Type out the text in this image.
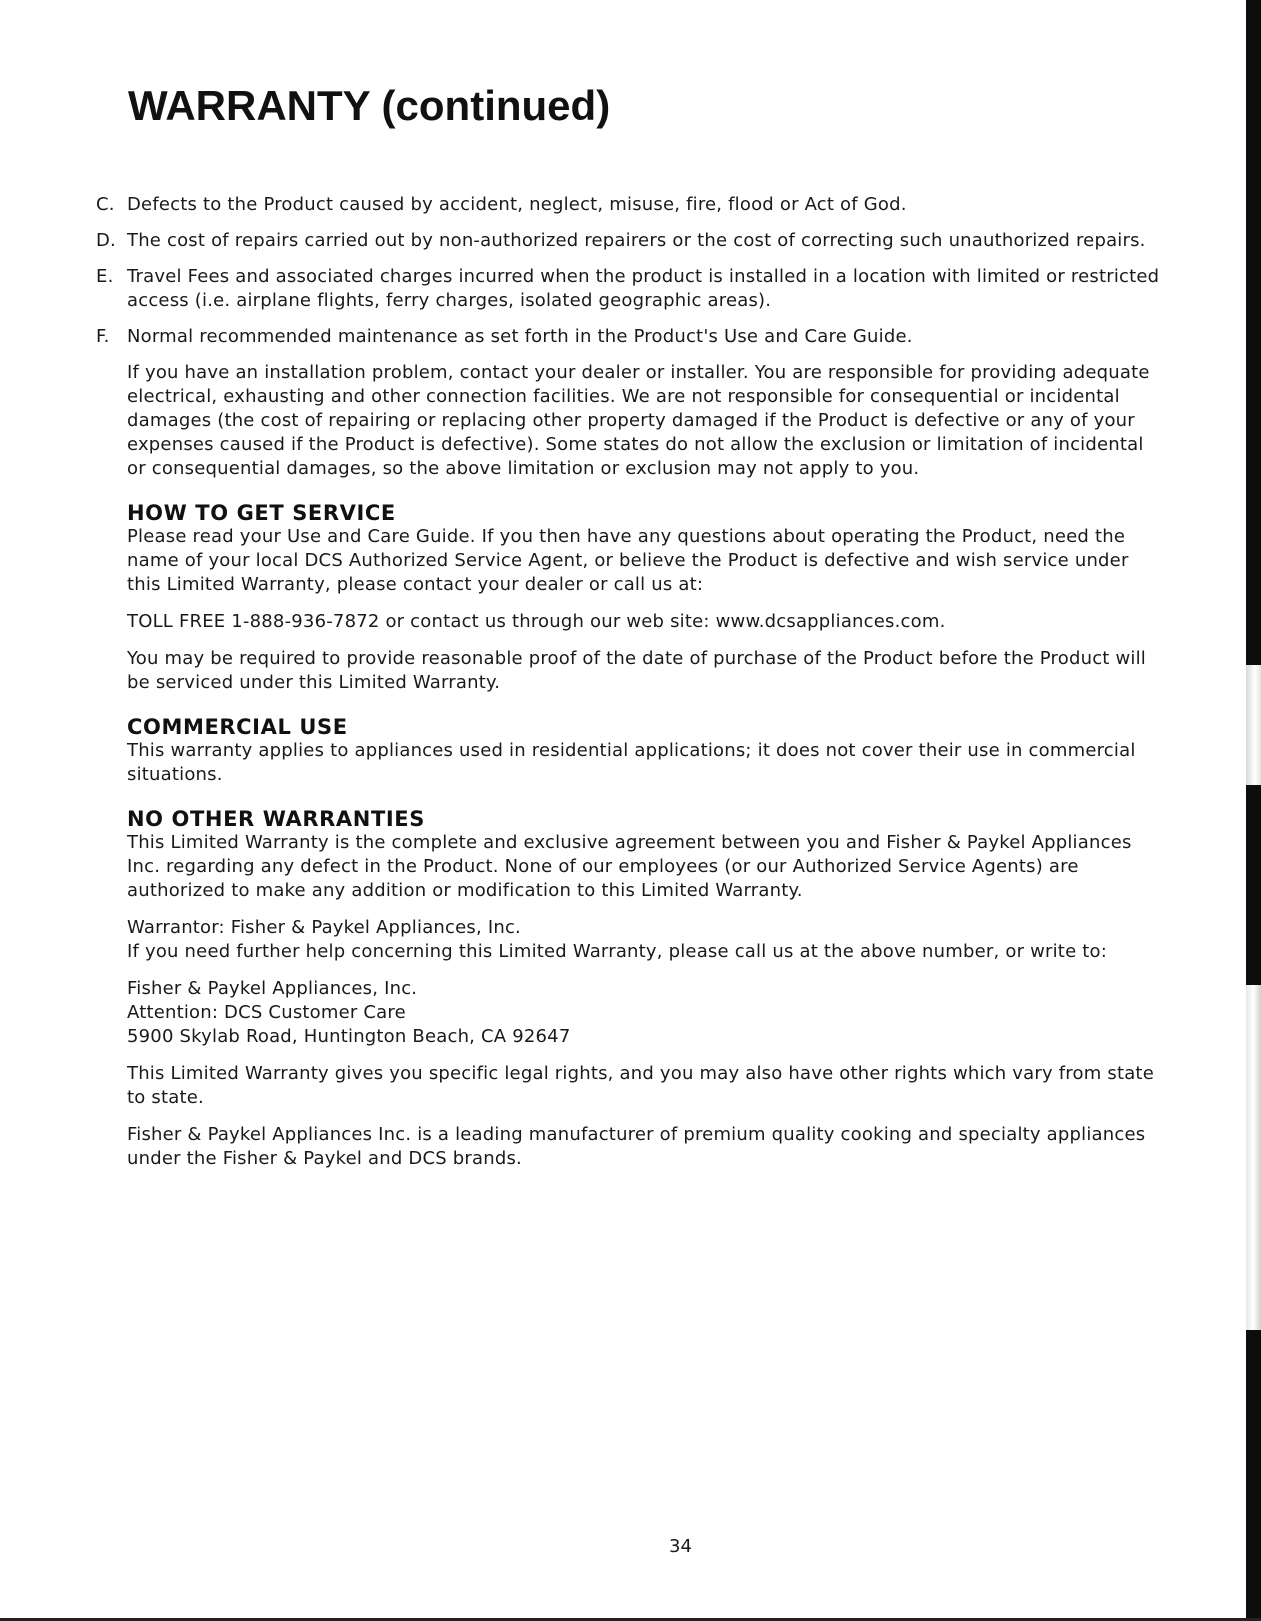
WARRANTY (continued)
C. Defects to the Product caused by accident, neglect, misuse, fire, flood or Act of God.
D. The cost of repairs carried out by non-authorized repairers or the cost of correcting such unauthorized repairs.
E. Travel Fees and associated charges incurred when the product is installed in a location with limited or restricted access (i.e. airplane flights, ferry charges, isolated geographic areas).
F. Normal recommended maintenance as set forth in the Product's Use and Care Guide.

If you have an installation problem, contact your dealer or installer. You are responsible for providing adequate electrical, exhausting and other connection facilities. We are not responsible for consequential or incidental damages (the cost of repairing or replacing other property damaged if the Product is defective or any of your expenses caused if the Product is defective). Some states do not allow the exclusion or limitation of incidental or consequential damages, so the above limitation or exclusion may not apply to you.

HOW TO GET SERVICE

Please read your Use and Care Guide. If you then have any questions about operating the Product, need the name of your local DCS Authorized Service Agent, or believe the Product is defective and wish service under this Limited Warranty, please contact your dealer or call us at:

TOLL FREE 1-888-936-7872 or contact us through our web site: www.dcsappliances.com.

You may be required to provide reasonable proof of the date of purchase of the Product before the Product will be serviced under this Limited Warranty.

COMMERCIAL USE

This warranty applies to appliances used in residential applications; it does not cover their use in commercial situations.

NO OTHER WARRANTIES

This Limited Warranty is the complete and exclusive agreement between you and Fisher & Paykel Appliances Inc. regarding any defect in the Product. None of our employees (or our Authorized Service Agents) are authorized to make any addition or modification to this Limited Warranty.

Warrantor: Fisher & Paykel Appliances, Inc.
If you need further help concerning this Limited Warranty, please call us at the above number, or write to:

Fisher & Paykel Appliances, Inc.
Attention: DCS Customer Care
5900 Skylab Road, Huntington Beach, CA 92647

This Limited Warranty gives you specific legal rights, and you may also have other rights which vary from state to state.

Fisher & Paykel Appliances Inc. is a leading manufacturer of premium quality cooking and specialty appliances under the Fisher & Paykel and DCS brands.

34
